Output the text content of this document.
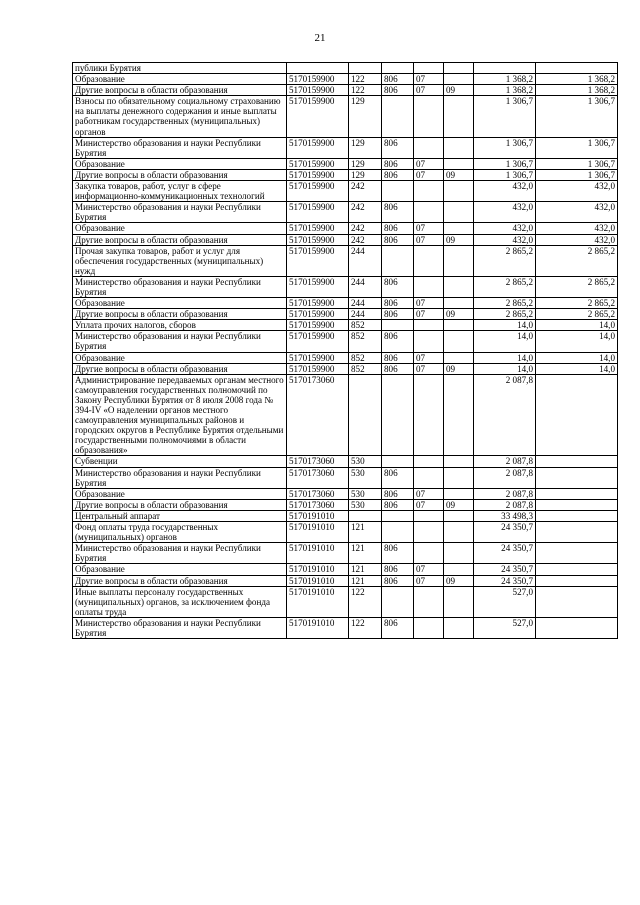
21
публики Бурятия							
Образование	5170159900	122	806	07		1 368,2	1 368,2
Другие вопросы в области образования	5170159900	122	806	07	09	1 368,2	1 368,2
Взносы по обязательному социальному страхованию на выплаты денежного содержания и иные выплаты работникам государственных (муниципальных) органов	5170159900	129				1 306,7	1 306,7
Министерство образования и науки Республики Бурятия	5170159900	129	806			1 306,7	1 306,7
Образование	5170159900	129	806	07		1 306,7	1 306,7
Другие вопросы в области образования	5170159900	129	806	07	09	1 306,7	1 306,7
Закупка товаров, работ, услуг в сфере информационно-коммуникационных технологий	5170159900	242				432,0	432,0
Министерство образования и науки Республики Бурятия	5170159900	242	806			432,0	432,0
Образование	5170159900	242	806	07		432,0	432,0
Другие вопросы в области образования	5170159900	242	806	07	09	432,0	432,0
Прочая закупка товаров, работ и услуг для обеспечения государственных (муниципальных) нужд	5170159900	244				2 865,2	2 865,2
Министерство образования и науки Республики Бурятия	5170159900	244	806			2 865,2	2 865,2
Образование	5170159900	244	806	07		2 865,2	2 865,2
Другие вопросы в области образования	5170159900	244	806	07	09	2 865,2	2 865,2
Уплата прочих налогов, сборов	5170159900	852				14,0	14,0
Министерство образования и науки Республики Бурятия	5170159900	852	806			14,0	14,0
Образование	5170159900	852	806	07		14,0	14,0
Другие вопросы в области образования	5170159900	852	806	07	09	14,0	14,0
Администрирование передаваемых органам местного самоуправления государственных полномочий по Закону Республики Бурятия от 8 июля 2008 года № 394-IV «О наделении органов местного самоуправления муниципальных районов и городских округов в Республике Бурятия отдельными государственными полномочиями в области образования»	5170173060					2 087,8	
Субвенции	5170173060	530				2 087,8	
Министерство образования и науки Республики Бурятия	5170173060	530	806			2 087,8	
Образование	5170173060	530	806	07		2 087,8	
Другие вопросы в области образования	5170173060	530	806	07	09	2 087,8	
Центральный аппарат	5170191010					33 498,3	
Фонд оплаты труда государственных (муниципальных) органов	5170191010	121				24 350,7	
Министерство образования и науки Республики Бурятия	5170191010	121	806			24 350,7	
Образование	5170191010	121	806	07		24 350,7	
Другие вопросы в области образования	5170191010	121	806	07	09	24 350,7	
Иные выплаты персоналу государственных (муниципальных) органов, за исключением фонда оплаты труда	5170191010	122				527,0	
Министерство образования и науки Республики Бурятия	5170191010	122	806			527,0	
